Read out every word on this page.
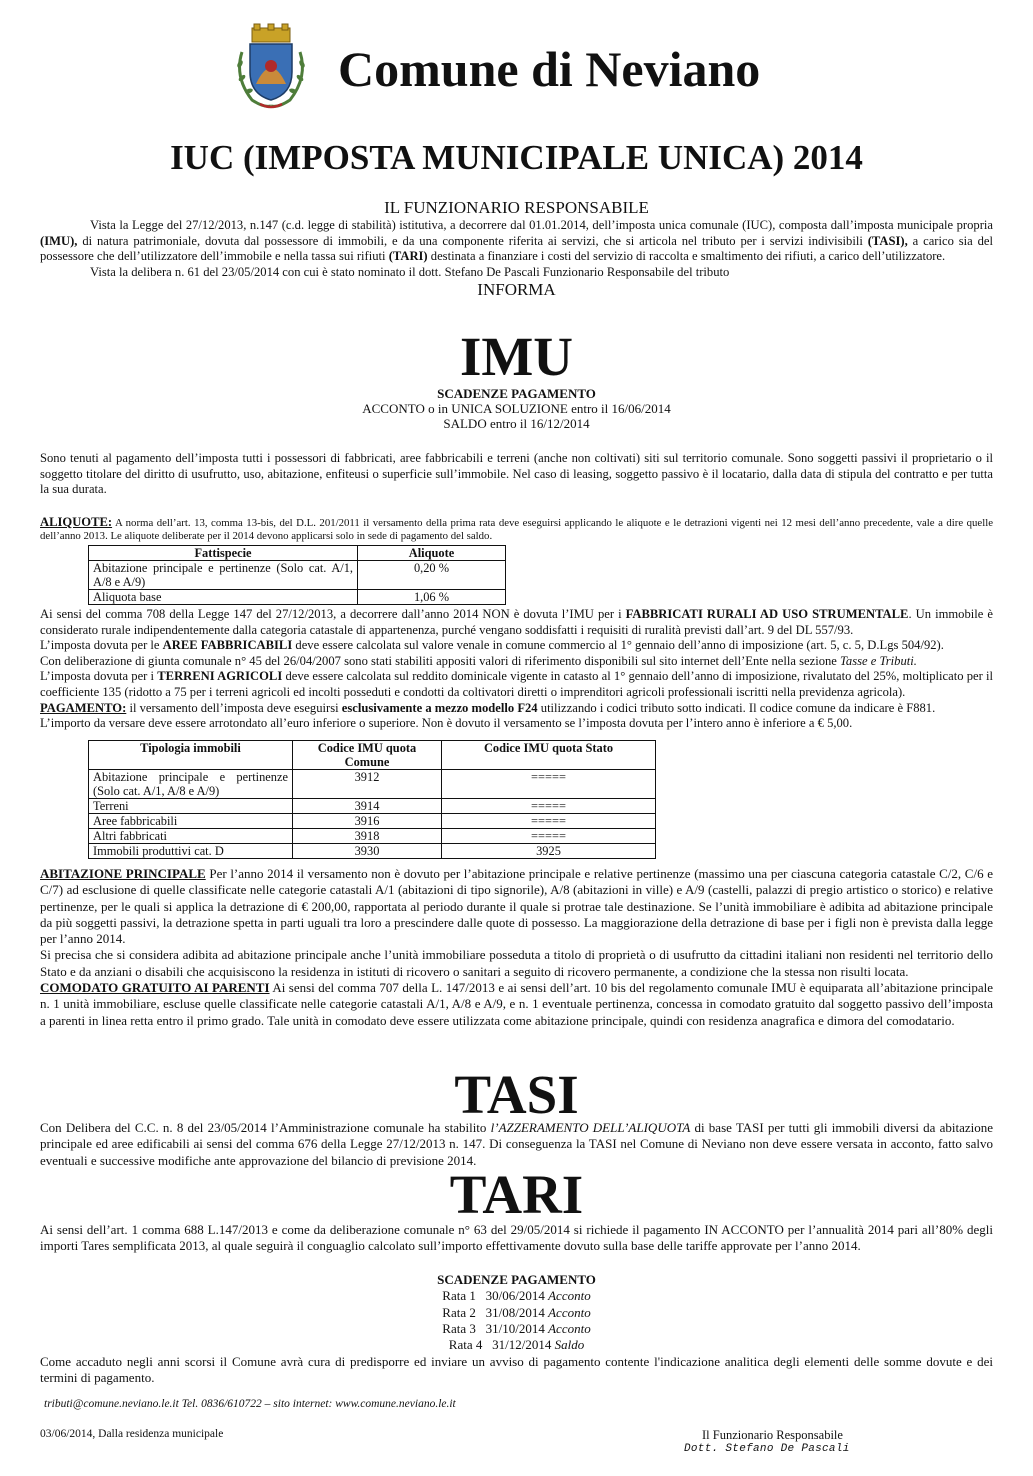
Comune di Neviano
IUC (IMPOSTA MUNICIPALE UNICA) 2014
IL FUNZIONARIO RESPONSABILE

Vista la Legge del 27/12/2013, n.147 (c.d. legge di stabilità) istitutiva, a decorrere dal 01.01.2014, dell’imposta unica comunale (IUC), composta dall’imposta municipale propria (IMU), di natura patrimoniale, dovuta dal possessore di immobili, e da una componente riferita ai servizi, che si articola nel tributo per i servizi indivisibili (TASI), a carico sia del possessore che dell’utilizzatore dell’immobile e nella tassa sui rifiuti (TARI) destinata a finanziare i costi del servizio di raccolta e smaltimento dei rifiuti, a carico dell’utilizzatore.

Vista la delibera n. 61 del 23/05/2014 con cui è stato nominato il dott. Stefano De Pascali Funzionario Responsabile del tributo

INFORMA
IMU
SCADENZE PAGAMENTO
ACCONTO o in UNICA SOLUZIONE entro il 16/06/2014
SALDO entro il 16/12/2014

Sono tenuti al pagamento dell’imposta tutti i possessori di fabbricati, aree fabbricabili e terreni (anche non coltivati) siti sul territorio comunale. Sono soggetti passivi il proprietario o il soggetto titolare del diritto di usufrutto, uso, abitazione, enfiteusi o superficie sull’immobile. Nel caso di leasing, soggetto passivo è il locatario, dalla data di stipula del contratto e per tutta la sua durata.

ALIQUOTE: A norma dell’art. 13, comma 13-bis, del D.L. 201/2011 il versamento della prima rata deve eseguirsi applicando le aliquote e le detrazioni vigenti nei 12 mesi dell’anno precedente, vale a dire quelle dell’anno 2013. Le aliquote deliberate per il 2014 devono applicarsi solo in sede di pagamento del saldo.

Fattispecie	Aliquote
Abitazione principale e pertinenze (Solo cat. A/1, A/8 e A/9)	0,20 %
Aliquota base	1,06 %

Ai sensi del comma 708 della Legge 147 del 27/12/2013, a decorrere dall’anno 2014 NON è dovuta l’IMU per i FABBRICATI RURALI AD USO STRUMENTALE. Un immobile è considerato rurale indipendentemente dalla categoria catastale di appartenenza, purché vengano soddisfatti i requisiti di ruralità previsti dall’art. 9 del DL 557/93.

L’imposta dovuta per le AREE FABBRICABILI deve essere calcolata sul valore venale in comune commercio al 1° gennaio dell’anno di imposizione (art. 5, c. 5, D.Lgs 504/92).

Con deliberazione di giunta comunale n° 45 del 26/04/2007 sono stati stabiliti appositi valori di riferimento disponibili sul sito internet dell’Ente nella sezione Tasse e Tributi.

L’imposta dovuta per i TERRENI AGRICOLI deve essere calcolata sul reddito dominicale vigente in catasto al 1° gennaio dell’anno di imposizione, rivalutato del 25%, moltiplicato per il coefficiente 135 (ridotto a 75 per i terreni agricoli ed incolti posseduti e condotti da coltivatori diretti o imprenditori agricoli professionali iscritti nella previdenza agricola).

PAGAMENTO: il versamento dell’imposta deve eseguirsi esclusivamente a mezzo modello F24 utilizzando i codici tributo sotto indicati. Il codice comune da indicare è F881.

L’importo da versare deve essere arrotondato all’euro inferiore o superiore. Non è dovuto il versamento se l’imposta dovuta per l’intero anno è inferiore a € 5,00.

Tipologia immobili	Codice IMU quota Comune	Codice IMU quota Stato
Abitazione principale e pertinenze (Solo cat. A/1, A/8 e A/9)	3912	=====
Terreni	3914	=====
Aree fabbricabili	3916	=====
Altri fabbricati	3918	=====
Immobili produttivi cat. D	3930	3925

ABITAZIONE PRINCIPALE Per l’anno 2014 il versamento non è dovuto per l’abitazione principale e relative pertinenze (massimo una per ciascuna categoria catastale C/2, C/6 e C/7) ad esclusione di quelle classificate nelle categorie catastali A/1 (abitazioni di tipo signorile), A/8 (abitazioni in ville) e A/9 (castelli, palazzi di pregio artistico o storico) e relative pertinenze, per le quali si applica la detrazione di € 200,00, rapportata al periodo durante il quale si protrae tale destinazione. Se l’unità immobiliare è adibita ad abitazione principale da più soggetti passivi, la detrazione spetta in parti uguali tra loro a prescindere dalle quote di possesso. La maggiorazione della detrazione di base per i figli non è prevista dalla legge per l’anno 2014.

Si precisa che si considera adibita ad abitazione principale anche l’unità immobiliare posseduta a titolo di proprietà o di usufrutto da cittadini italiani non residenti nel territorio dello Stato e da anziani o disabili che acquisiscono la residenza in istituti di ricovero o sanitari a seguito di ricovero permanente, a condizione che la stessa non risulti locata.

COMODATO GRATUITO AI PARENTI Ai sensi del comma 707 della L. 147/2013 e ai sensi dell’art. 10 bis del regolamento comunale IMU è equiparata all’abitazione principale n. 1 unità immobiliare, escluse quelle classificate nelle categorie catastali A/1, A/8 e A/9, e n. 1 eventuale pertinenza, concessa in comodato gratuito dal soggetto passivo dell’imposta a parenti in linea retta entro il primo grado. Tale unità in comodato deve essere utilizzata come abitazione principale, quindi con residenza anagrafica e dimora del comodatario.

TASI

Con Delibera del C.C. n. 8 del 23/05/2014 l’Amministrazione comunale ha stabilito l’AZZERAMENTO DELL’ALIQUOTA di base TASI per tutti gli immobili diversi da abitazione principale ed aree edificabili ai sensi del comma 676 della Legge 27/12/2013 n. 147. Di conseguenza la TASI nel Comune di Neviano non deve essere versata in acconto, fatto salvo eventuali e successive modifiche ante approvazione del bilancio di previsione 2014.

TARI

Ai sensi dell’art. 1 comma 688 L.147/2013 e come da deliberazione comunale n° 63 del 29/05/2014 si richiede il pagamento IN ACCONTO per l’annualità 2014 pari all’80% degli importi Tares semplificata 2013, al quale seguirà il conguaglio calcolato sull’importo effettivamente dovuto sulla base delle tariffe approvate per l’anno 2014.

SCADENZE PAGAMENTO
Rata 1 30/06/2014 Acconto
Rata 2 31/08/2014 Acconto
Rata 3 31/10/2014 Acconto
Rata 4 31/12/2014 Saldo

Come accaduto negli anni scorsi il Comune avrà cura di predisporre ed inviare un avviso di pagamento contente l'indicazione analitica degli elementi delle somme dovute e dei termini di pagamento.

tributi@comune.neviano.le.it Tel. 0836/610722 – sito internet: www.comune.neviano.le.it
03/06/2014, Dalla residenza municipale	Il Funzionario Responsabile
Dott. Stefano De Pascali
